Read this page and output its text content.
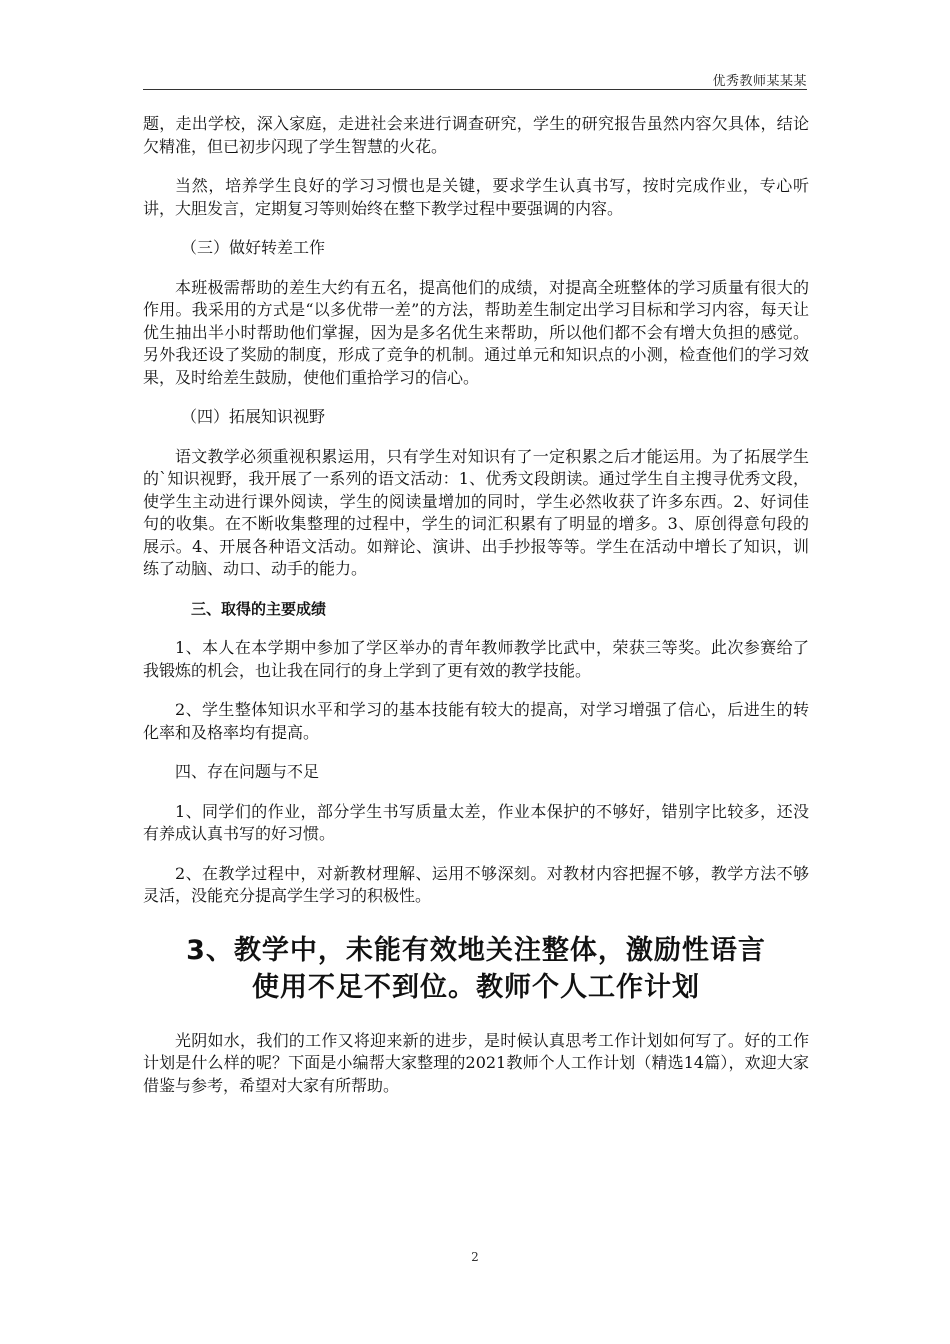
优秀教师某某某

题，走出学校，深入家庭，走进社会来进行调查研究，学生的研究报告虽然内容欠具体，结论欠精准，但已初步闪现了学生智慧的火花。

当然，培养学生良好的学习习惯也是关键，要求学生认真书写，按时完成作业，专心听讲，大胆发言，定期复习等则始终在整下教学过程中要强调的内容。

（三）做好转差工作

本班极需帮助的差生大约有五名，提高他们的成绩，对提高全班整体的学习质量有很大的作用。我采用的方式是“以多优带一差”的方法，帮助差生制定出学习目标和学习内容，每天让优生抽出半小时帮助他们掌握，因为是多名优生来帮助，所以他们都不会有增大负担的感觉。另外我还设了奖励的制度，形成了竞争的机制。通过单元和知识点的小测，检查他们的学习效果，及时给差生鼓励，使他们重拾学习的信心。

（四）拓展知识视野

语文教学必须重视积累运用，只有学生对知识有了一定积累之后才能运用。为了拓展学生的`知识视野，我开展了一系列的语文活动：1、优秀文段朗读。通过学生自主搜寻优秀文段，使学生主动进行课外阅读，学生的阅读量增加的同时，学生必然收获了许多东西。2、好词佳句的收集。在不断收集整理的过程中，学生的词汇积累有了明显的增多。3、原创得意句段的展示。4、开展各种语文活动。如辩论、演讲、出手抄报等等。学生在活动中增长了知识，训练了动脑、动口、动手的能力。

三、取得的主要成绩

1、本人在本学期中参加了学区举办的青年教师教学比武中，荣获三等奖。此次参赛给了我锻炼的机会，也让我在同行的身上学到了更有效的教学技能。

2、学生整体知识水平和学习的基本技能有较大的提高，对学习增强了信心，后进生的转化率和及格率均有提高。

四、存在问题与不足

1、同学们的作业，部分学生书写质量太差，作业本保护的不够好，错别字比较多，还没有养成认真书写的好习惯。

2、在教学过程中，对新教材理解、运用不够深刻。对教材内容把握不够，教学方法不够灵活，没能充分提高学生学习的积极性。

3、教学中，未能有效地关注整体，激励性语言
使用不足不到位。教师个人工作计划

光阴如水，我们的工作又将迎来新的进步，是时候认真思考工作计划如何写了。好的工作计划是什么样的呢？下面是小编帮大家整理的2021教师个人工作计划（精选14篇），欢迎大家借鉴与参考，希望对大家有所帮助。

2
